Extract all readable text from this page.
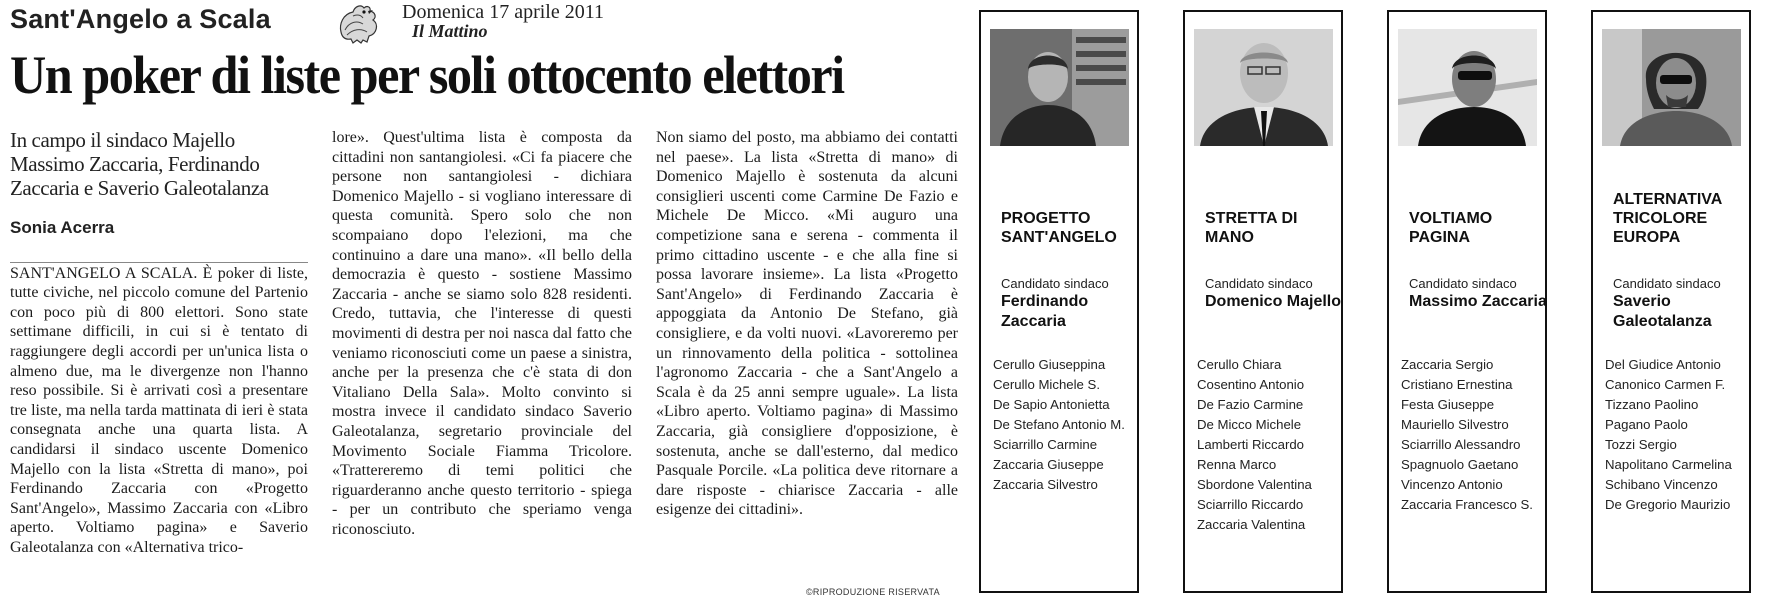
Sant'Angelo a Scala	Domenica 17 aprile 2011
Il Mattino
Un poker di liste per soli ottocento elettori
In campo il sindaco Majello Massimo Zaccaria, Ferdinando Zaccaria e Saverio Galeotalanza
Sonia Acerra

SANT'ANGELO A SCALA. È poker di liste, tutte civiche, nel piccolo comune del Partenio con poco più di 800 elettori. Sono state settimane difficili, in cui si è tentato di raggiungere degli accordi per un'unica lista o almeno due, ma le divergenze non l'hanno reso possibile. Si è arrivati così a presentare tre liste, ma nella tarda mattinata di ieri è stata consegnata anche una quarta lista. A candidarsi il sindaco uscente Domenico Majello con la lista «Stretta di mano», poi Ferdinando Zaccaria con «Progetto Sant'Angelo», Massimo Zaccaria con «Libro aperto. Voltiamo pagina» e Saverio Galeotalanza con «Alternativa trico-

lore». Quest'ultima lista è composta da cittadini non santangiolesi. «Ci fa piacere che persone non santangiolesi - dichiara Domenico Majello - si vogliano interessare di questa comunità. Spero solo che non scompaiano dopo l'elezioni, ma che continuino a dare una mano». «Il bello della democrazia è questo - sostiene Massimo Zaccaria - anche se siamo solo 828 residenti. Credo, tuttavia, che l'interesse di questi movimenti di destra per noi nasca dal fatto che veniamo riconosciuti come un paese a sinistra, anche per la presenza che c'è stata di don Vitaliano Della Sala». Molto convinto si mostra invece il candidato sindaco Saverio Galeotalanza, segretario provinciale del Movimento Sociale Fiamma Tricolore. «Trattereremo di temi politici che riguarderanno anche questo territorio - spiega - per un contributo che speriamo venga riconosciuto.

Non siamo del posto, ma abbiamo dei contatti nel paese». La lista «Stretta di mano» di Domenico Majello è sostenuta da alcuni consiglieri uscenti come Carmine De Fazio e Michele De Micco. «Mi auguro una competizione sana e serena - commenta il primo cittadino uscente - e che alla fine si possa lavorare insieme». La lista «Progetto Sant'Angelo» di Ferdinando Zaccaria è appoggiata da Antonio De Stefano, già consigliere, e da volti nuovi. «Lavoreremo per un rinnovamento della politica - sottolinea l'agronomo Zaccaria - che a Sant'Angelo a Scala è da 25 anni sempre uguale». La lista «Libro aperto. Voltiamo pagina» di Massimo Zaccaria, già consigliere d'opposizione, è sostenuta, anche se dall'esterno, dal medico Pasquale Porcile. «La politica deve ritornare a dare risposte - chiarisce Zaccaria - alle esigenze dei cittadini».

©RIPRODUZIONE RISERVATA
PROGETTO SANT'ANGELO
Candidato sindaco
Ferdinando Zaccaria
Cerullo Giuseppina
Cerullo Michele S.
De Sapio Antonietta
De Stefano Antonio M.
Sciarrillo Carmine
Zaccaria Giuseppe
Zaccaria Silvestro
STRETTA DI MANO
Candidato sindaco
Domenico Majello
Cerullo Chiara
Cosentino Antonio
De Fazio Carmine
De Micco Michele
Lamberti Riccardo
Renna Marco
Sbordone Valentina
Sciarrillo Riccardo
Zaccaria Valentina
VOLTIAMO PAGINA
Candidato sindaco
Massimo Zaccaria
Zaccaria Sergio
Cristiano Ernestina
Festa Giuseppe
Mauriello Silvestro
Sciarrillo Alessandro
Spagnuolo Gaetano
Vincenzo Antonio
Zaccaria Francesco S.
ALTERNATIVA TRICOLORE EUROPA
Candidato sindaco
Saverio Galeotalanza
Del Giudice Antonio
Canonico Carmen F.
Tizzano Paolino
Pagano Paolo
Tozzi Sergio
Napolitano Carmelina
Schibano Vincenzo
De Gregorio Maurizio
